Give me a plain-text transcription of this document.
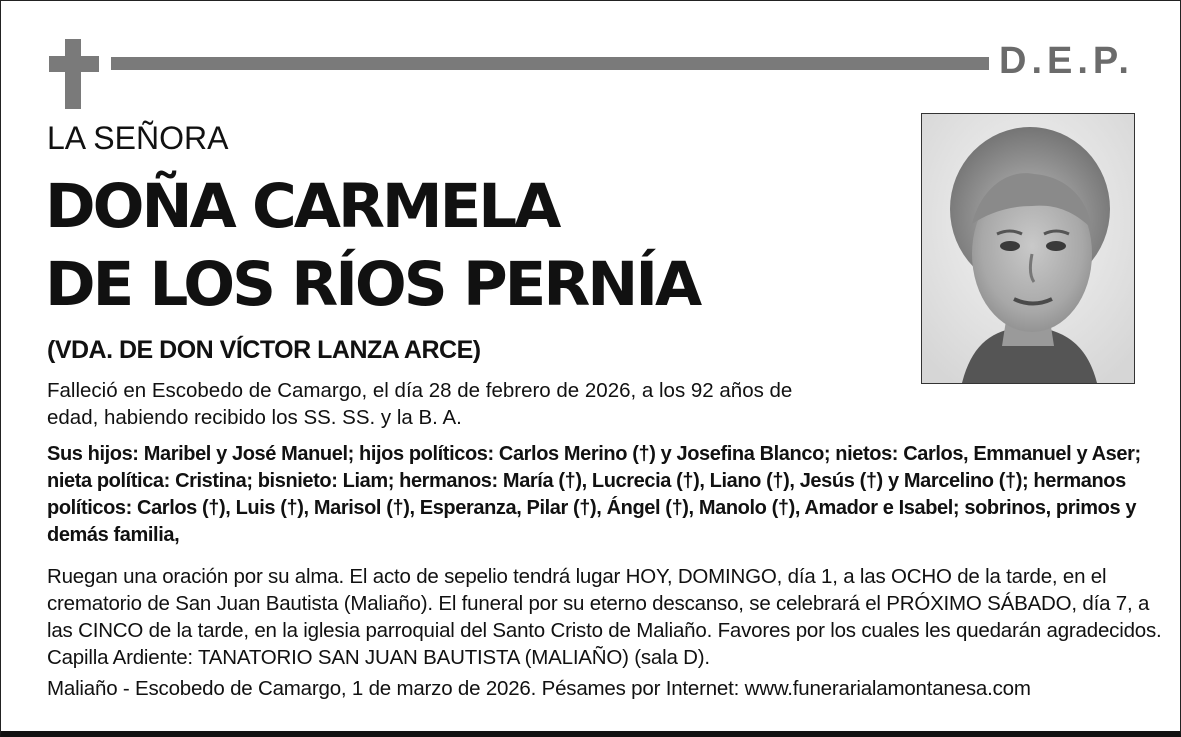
D.E.P.
LA SEÑORA
DOÑA CARMELA
DE LOS RÍOS PERNÍA
(VDA. DE DON VÍCTOR LANZA ARCE)
Falleció en Escobedo de Camargo, el día 28 de febrero de 2026, a los 92 años de edad, habiendo recibido los SS. SS. y la B. A.
Sus hijos: Maribel y José Manuel; hijos políticos: Carlos Merino (†) y Josefina Blanco; nietos: Carlos, Emmanuel y Aser; nieta política: Cristina; bisnieto: Liam; hermanos: María (†), Lucrecia (†), Liano (†), Jesús (†) y Marcelino (†); hermanos políticos: Carlos (†), Luis (†), Marisol (†), Esperanza, Pilar (†), Ángel (†), Manolo (†), Amador e Isabel; sobrinos, primos y demás familia,
Ruegan una oración por su alma. El acto de sepelio tendrá lugar HOY, DOMINGO, día 1, a las OCHO de la tarde, en el crematorio de San Juan Bautista (Maliaño). El funeral por su eterno descanso, se celebrará el PRÓXIMO SÁBADO, día 7, a las CINCO de la tarde, en la iglesia parroquial del Santo Cristo de Maliaño. Favores por los cuales les quedarán agradecidos. Capilla Ardiente: TANATORIO SAN JUAN BAUTISTA (MALIAÑO) (sala D).
Maliaño - Escobedo de Camargo, 1 de marzo de 2026. Pésames por Internet: www.funerarialamontanesa.com
